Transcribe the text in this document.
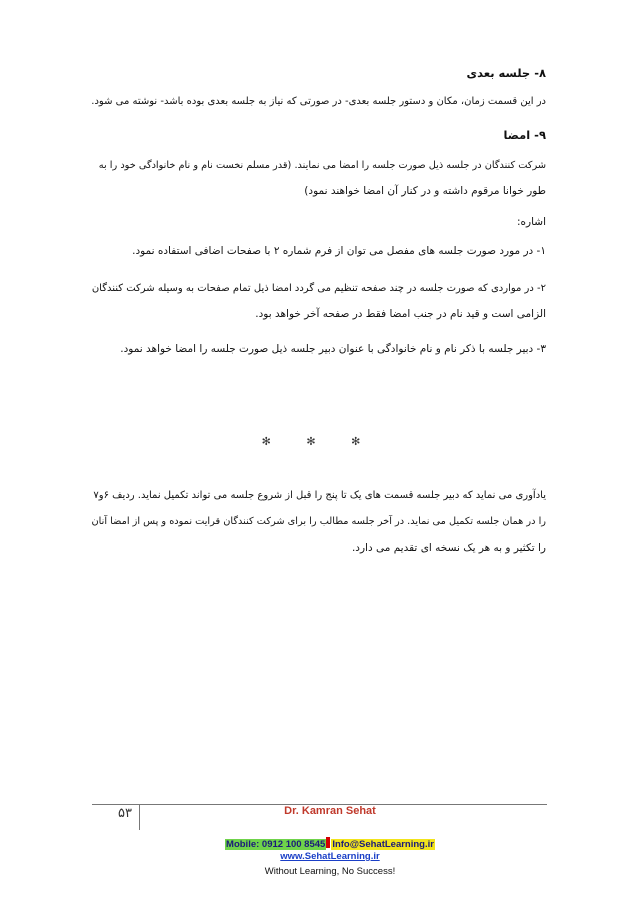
۸- جلسه بعدی
در این قسمت زمان، مکان و دستور جلسه بعدی- در صورتی که نیاز به جلسه بعدی بوده باشد- نوشته می شود.
۹- امضا
شرکت کنندگان در جلسه ذیل صورت جلسه را امضا می نمایند. (قدر مسلم نخست نام و نام خانوادگی خود را به
طور خوانا مرقوم داشته و در کنار آن امضا خواهند نمود)
اشاره:
۱- در مورد صورت جلسه های مفصل می توان از فرم شماره ۲ با صفحات اضافی استفاده نمود.
۲- در مواردی که صورت جلسه در چند صفحه تنظیم می گردد امضا ذیل تمام صفحات به وسیله شرکت کنندگان
الزامی است و قید نام در جنب امضا فقط در صفحه آخر خواهد بود.
۳- دبیر جلسه با ذکر نام و نام خانوادگی با عنوان دبیر جلسه ذیل صورت جلسه را امضا خواهد نمود.
✻ ✻ ✻
یادآوری می نماید که دبیر جلسه قسمت های یک تا پنج را قبل از شروع جلسه می تواند تکمیل نماید. ردیف ۶و۷
را در همان جلسه تکمیل می نماید. در آخر جلسه مطالب را برای شرکت کنندگان قرایت نموده و پس از امضا آنان
را تکثیر و به هر یک نسخه ای تقدیم می دارد.
۵۳	Dr. Kamran Sehat
Mobile: 0912 100 8545 Info@SehatLearning.ir
www.SehatLearning.ir
Without Learning, No Success!
